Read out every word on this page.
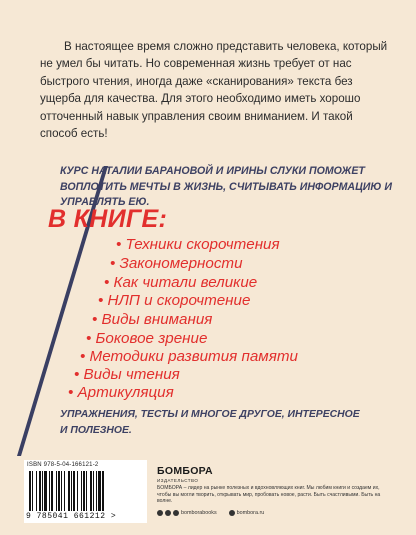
В настоящее время сложно представить человека, который не умел бы читать. Но современная жизнь требует от нас быстрого чтения, иногда даже «сканирования» текста без ущерба для качества. Для этого необходимо иметь хорошо отточенный навык управления своим вниманием. И такой способ есть!

КУРС НАТАЛИИ БАРАНОВОЙ И ИРИНЫ СЛУКИ ПОМОЖЕТ ВОПЛОТИТЬ МЕЧТЫ В ЖИЗНЬ, СЧИТЫВАТЬ ИНФОРМАЦИЮ И УПРАВЛЯТЬ ЕЮ.

В КНИГЕ:

• Техники скорочтения

• Закономерности

• Как читали великие

• НЛП и скорочтение

• Виды внимания

• Боковое зрение

• Методики развития памяти

• Виды чтения

• Артикуляция

УПРАЖНЕНИЯ, ТЕСТЫ И МНОГОЕ ДРУГОЕ, ИНТЕРЕСНОЕ И ПОЛЕЗНОЕ.

ISBN 978-5-04-166121-2
9 785041 661212 >
БОМБОРА
ИЗДАТЕЛЬСТВО

БОМБОРА – лидер на рынке полезных и вдохновляющих книг. Мы любим книги и создаем их, чтобы вы могли творить, открывать мир, пробовать новое, расти. Быть счастливыми. Быть на волне.

bomborabooks	bombora.ru
